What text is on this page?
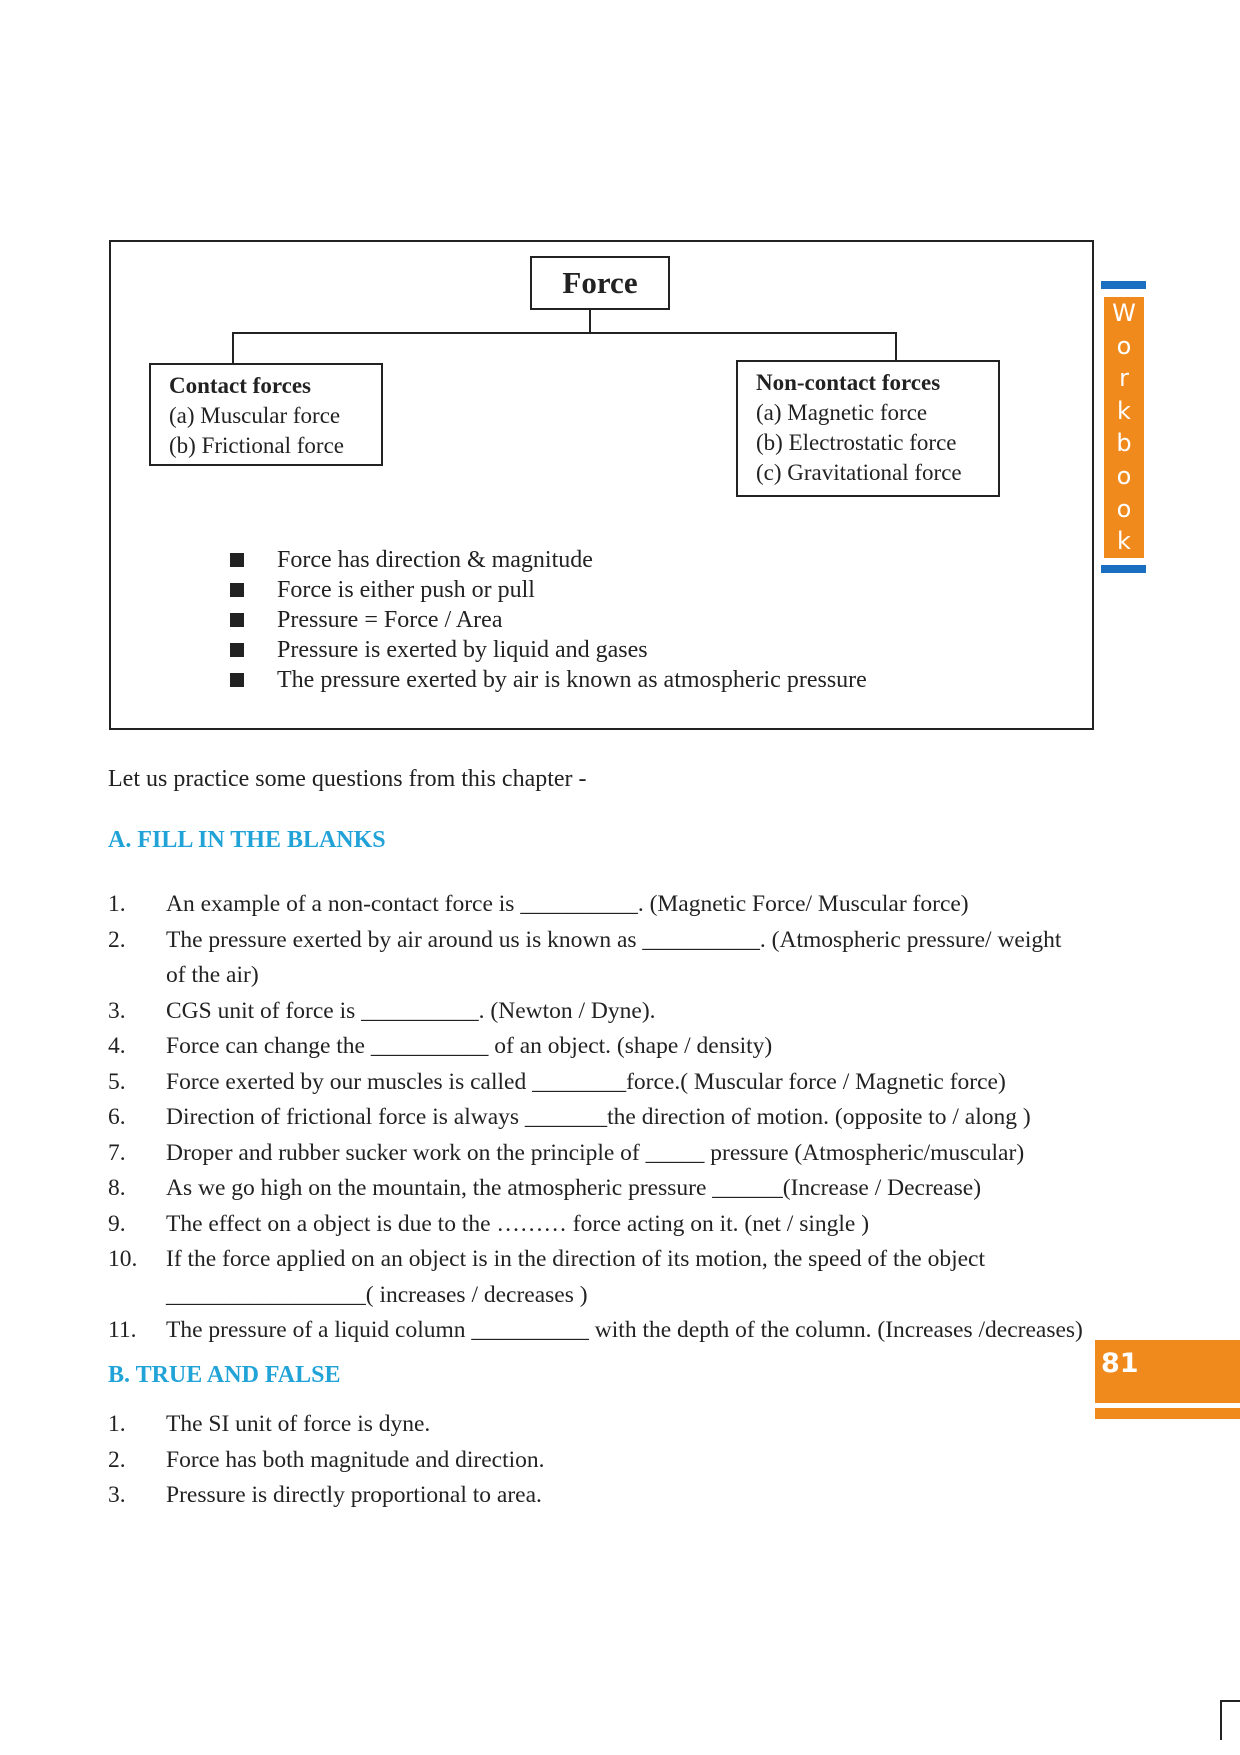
Force
Contact forces
(a) Muscular force
(b) Frictional force
Non-contact forces
(a) Magnetic force
(b) Electrostatic force
(c) Gravitational force
Force has direction & magnitude
Force is either push or pull
Pressure = Force / Area
Pressure is exerted by liquid and gases
The pressure exerted by air is known as atmospheric pressure
W
o
r
k
b
o
o
k
81
Let us practice some questions from this chapter -
A. FILL IN THE BLANKS
1. An example of a non-contact force is __________. (Magnetic Force/ Muscular force)
2. The pressure exerted by air around us is known as __________. (Atmospheric pressure/ weight
of the air)
3. CGS unit of force is __________. (Newton / Dyne).
4. Force can change the __________ of an object. (shape / density)
5. Force exerted by our muscles is called ________force.( Muscular force / Magnetic force)
6. Direction of frictional force is always _______the direction of motion. (opposite to / along )
7. Droper and rubber sucker work on the principle of _____ pressure (Atmospheric/muscular)
8. As we go high on the mountain, the atmospheric pressure ______(Increase / Decrease)
9. The effect on a object is due to the ……… force acting on it. (net / single )
10. If the force applied on an object is in the direction of its motion, the speed of the object
_________________( increases / decreases )
11. The pressure of a liquid column __________ with the depth of the column. (Increases /decreases)
B. TRUE AND FALSE
1. The SI unit of force is dyne.
2. Force has both magnitude and direction.
3. Pressure is directly proportional to area.
